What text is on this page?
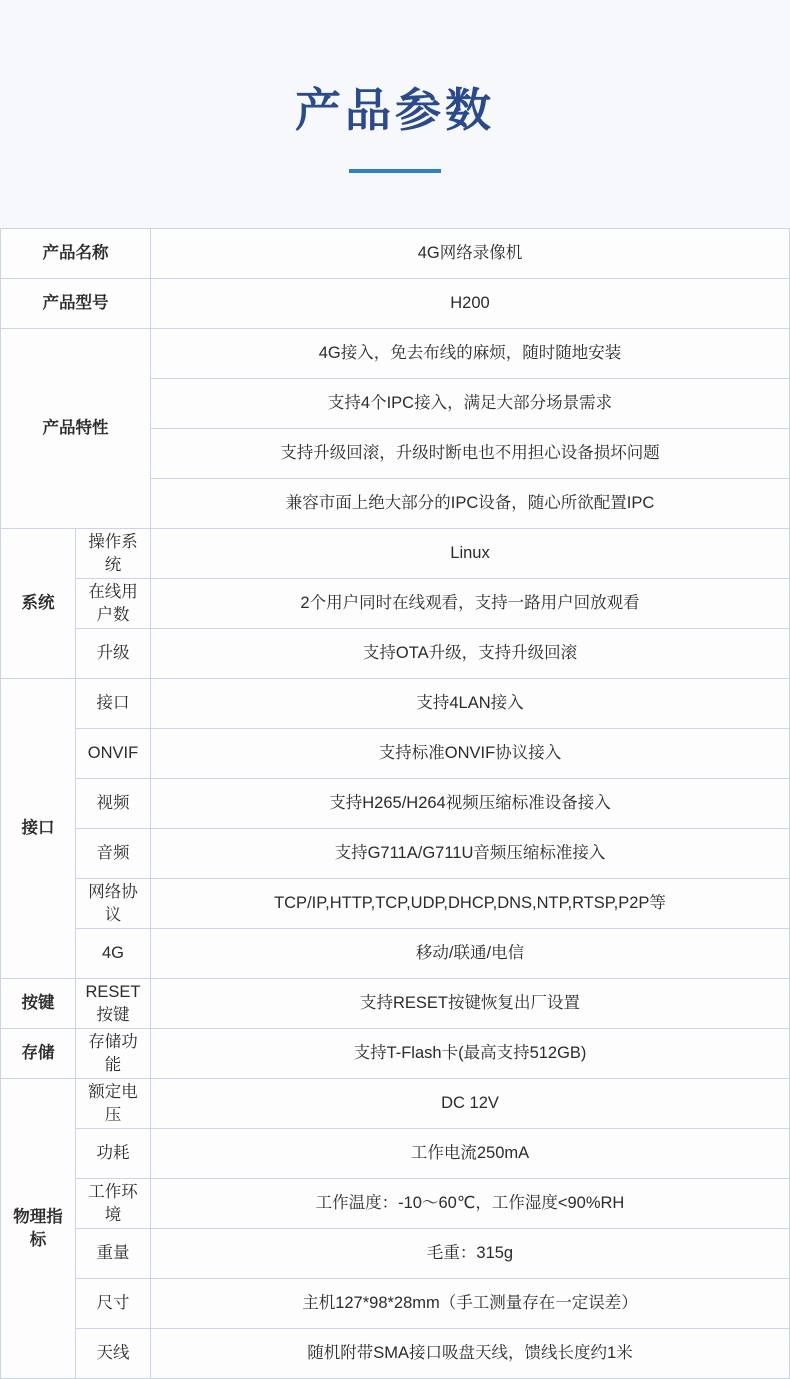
产品参数
产品名称		4G网络录像机
产品型号		H200
产品特性		4G接入，免去布线的麻烦，随时随地安装
		支持4个IPC接入，满足大部分场景需求
		支持升级回滚，升级时断电也不用担心设备损坏问题
		兼容市面上绝大部分的IPC设备，随心所欲配置IPC
系统	操作系统	Linux
	在线用户数	2个用户同时在线观看，支持一路用户回放观看
	升级	支持OTA升级，支持升级回滚
接口	接口	支持4LAN接入
	ONVIF	支持标准ONVIF协议接入
	视频	支持H265/H264视频压缩标准设备接入
	音频	支持G711A/G711U音频压缩标准接入
	网络协议	TCP/IP,HTTP,TCP,UDP,DHCP,DNS,NTP,RTSP,P2P等
	4G	移动/联通/电信
按键	RESET按键	支持RESET按键恢复出厂设置
存储	存储功能	支持T-Flash卡(最高支持512GB)
物理指标	额定电压	DC 12V
	功耗	工作电流250mA
	工作环境	工作温度：-10～60℃，工作湿度<90%RH
	重量	毛重：315g
	尺寸	主机127*98*28mm（手工测量存在一定误差）
	天线	随机附带SMA接口吸盘天线，馈线长度约1米
